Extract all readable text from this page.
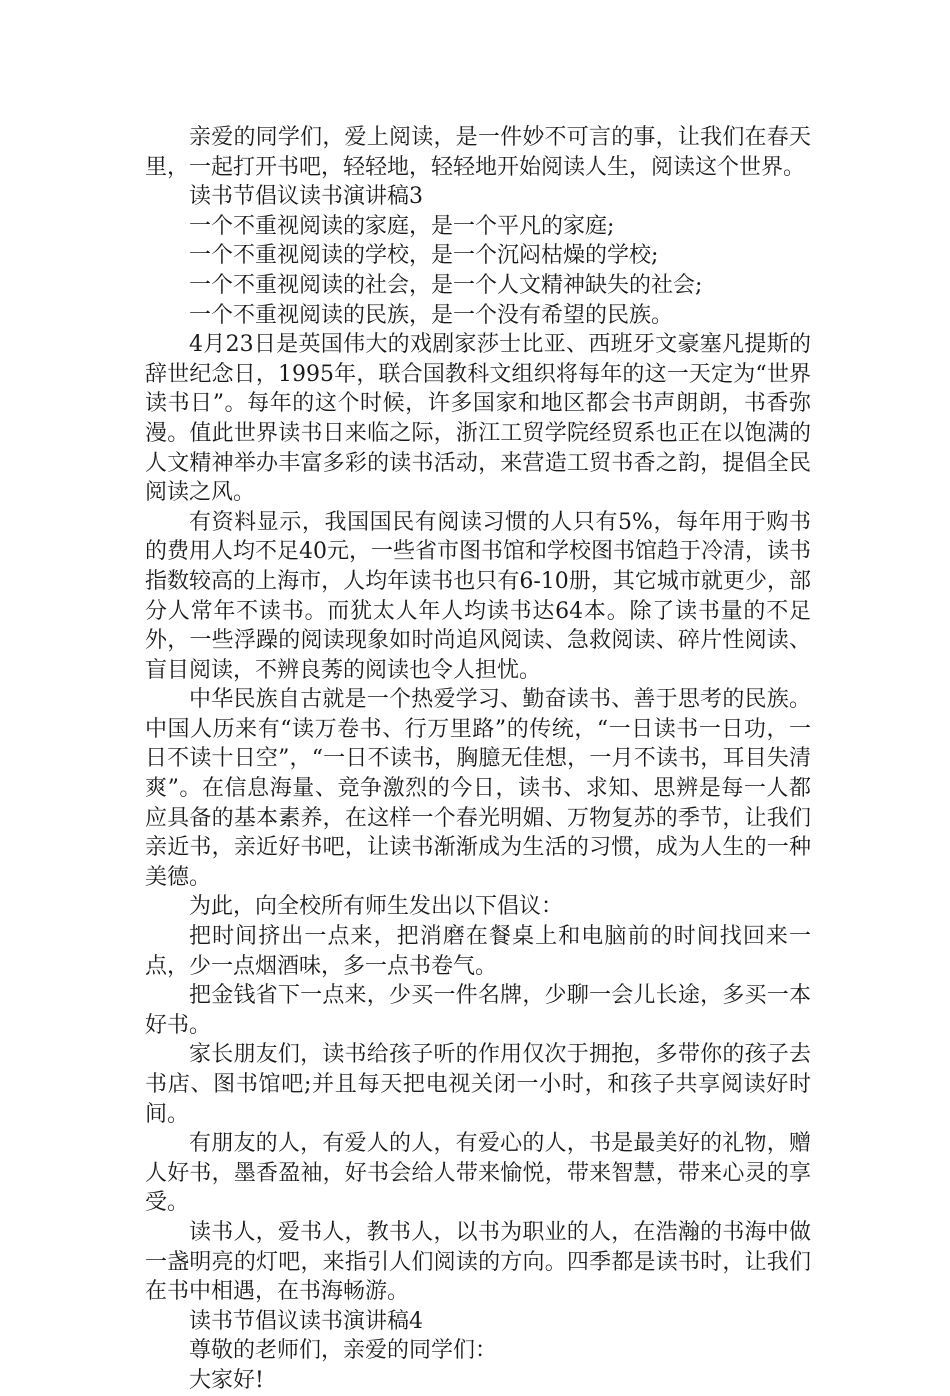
亲爱的同学们，爱上阅读，是一件妙不可言的事，让我们在春天里，一起打开书吧，轻轻地，轻轻地开始阅读人生，阅读这个世界。

读书节倡议读书演讲稿3

一个不重视阅读的家庭，是一个平凡的家庭;

一个不重视阅读的学校，是一个沉闷枯燥的学校;

一个不重视阅读的社会，是一个人文精神缺失的社会;

一个不重视阅读的民族，是一个没有希望的民族。

4月23日是英国伟大的戏剧家莎士比亚、西班牙文豪塞凡提斯的辞世纪念日，1995年，联合国教科文组织将每年的这一天定为“世界读书日”。每年的这个时候，许多国家和地区都会书声朗朗，书香弥漫。值此世界读书日来临之际，浙江工贸学院经贸系也正在以饱满的人文精神举办丰富多彩的读书活动，来营造工贸书香之韵，提倡全民阅读之风。

有资料显示，我国国民有阅读习惯的人只有5%，每年用于购书的费用人均不足40元，一些省市图书馆和学校图书馆趋于冷清，读书指数较高的上海市，人均年读书也只有6-10册，其它城市就更少，部分人常年不读书。而犹太人年人均读书达64本。除了读书量的不足外，一些浮躁的阅读现象如时尚追风阅读、急救阅读、碎片性阅读、盲目阅读，不辨良莠的阅读也令人担忧。

中华民族自古就是一个热爱学习、勤奋读书、善于思考的民族。中国人历来有“读万卷书、行万里路”的传统，“一日读书一日功，一日不读十日空”，“一日不读书，胸臆无佳想，一月不读书，耳目失清爽”。在信息海量、竞争激烈的今日，读书、求知、思辨是每一人都应具备的基本素养，在这样一个春光明媚、万物复苏的季节，让我们亲近书，亲近好书吧，让读书渐渐成为生活的习惯，成为人生的一种美德。

为此，向全校所有师生发出以下倡议：

把时间挤出一点来，把消磨在餐桌上和电脑前的时间找回来一点，少一点烟酒味，多一点书卷气。

把金钱省下一点来，少买一件名牌，少聊一会儿长途，多买一本好书。

家长朋友们，读书给孩子听的作用仅次于拥抱，多带你的孩子去书店、图书馆吧;并且每天把电视关闭一小时，和孩子共享阅读好时间。

有朋友的人，有爱人的人，有爱心的人，书是最美好的礼物，赠人好书，墨香盈袖，好书会给人带来愉悦，带来智慧，带来心灵的享受。

读书人，爱书人，教书人，以书为职业的人，在浩瀚的书海中做一盏明亮的灯吧，来指引人们阅读的方向。四季都是读书时，让我们在书中相遇，在书海畅游。

读书节倡议读书演讲稿4

尊敬的老师们，亲爱的同学们：

大家好!
